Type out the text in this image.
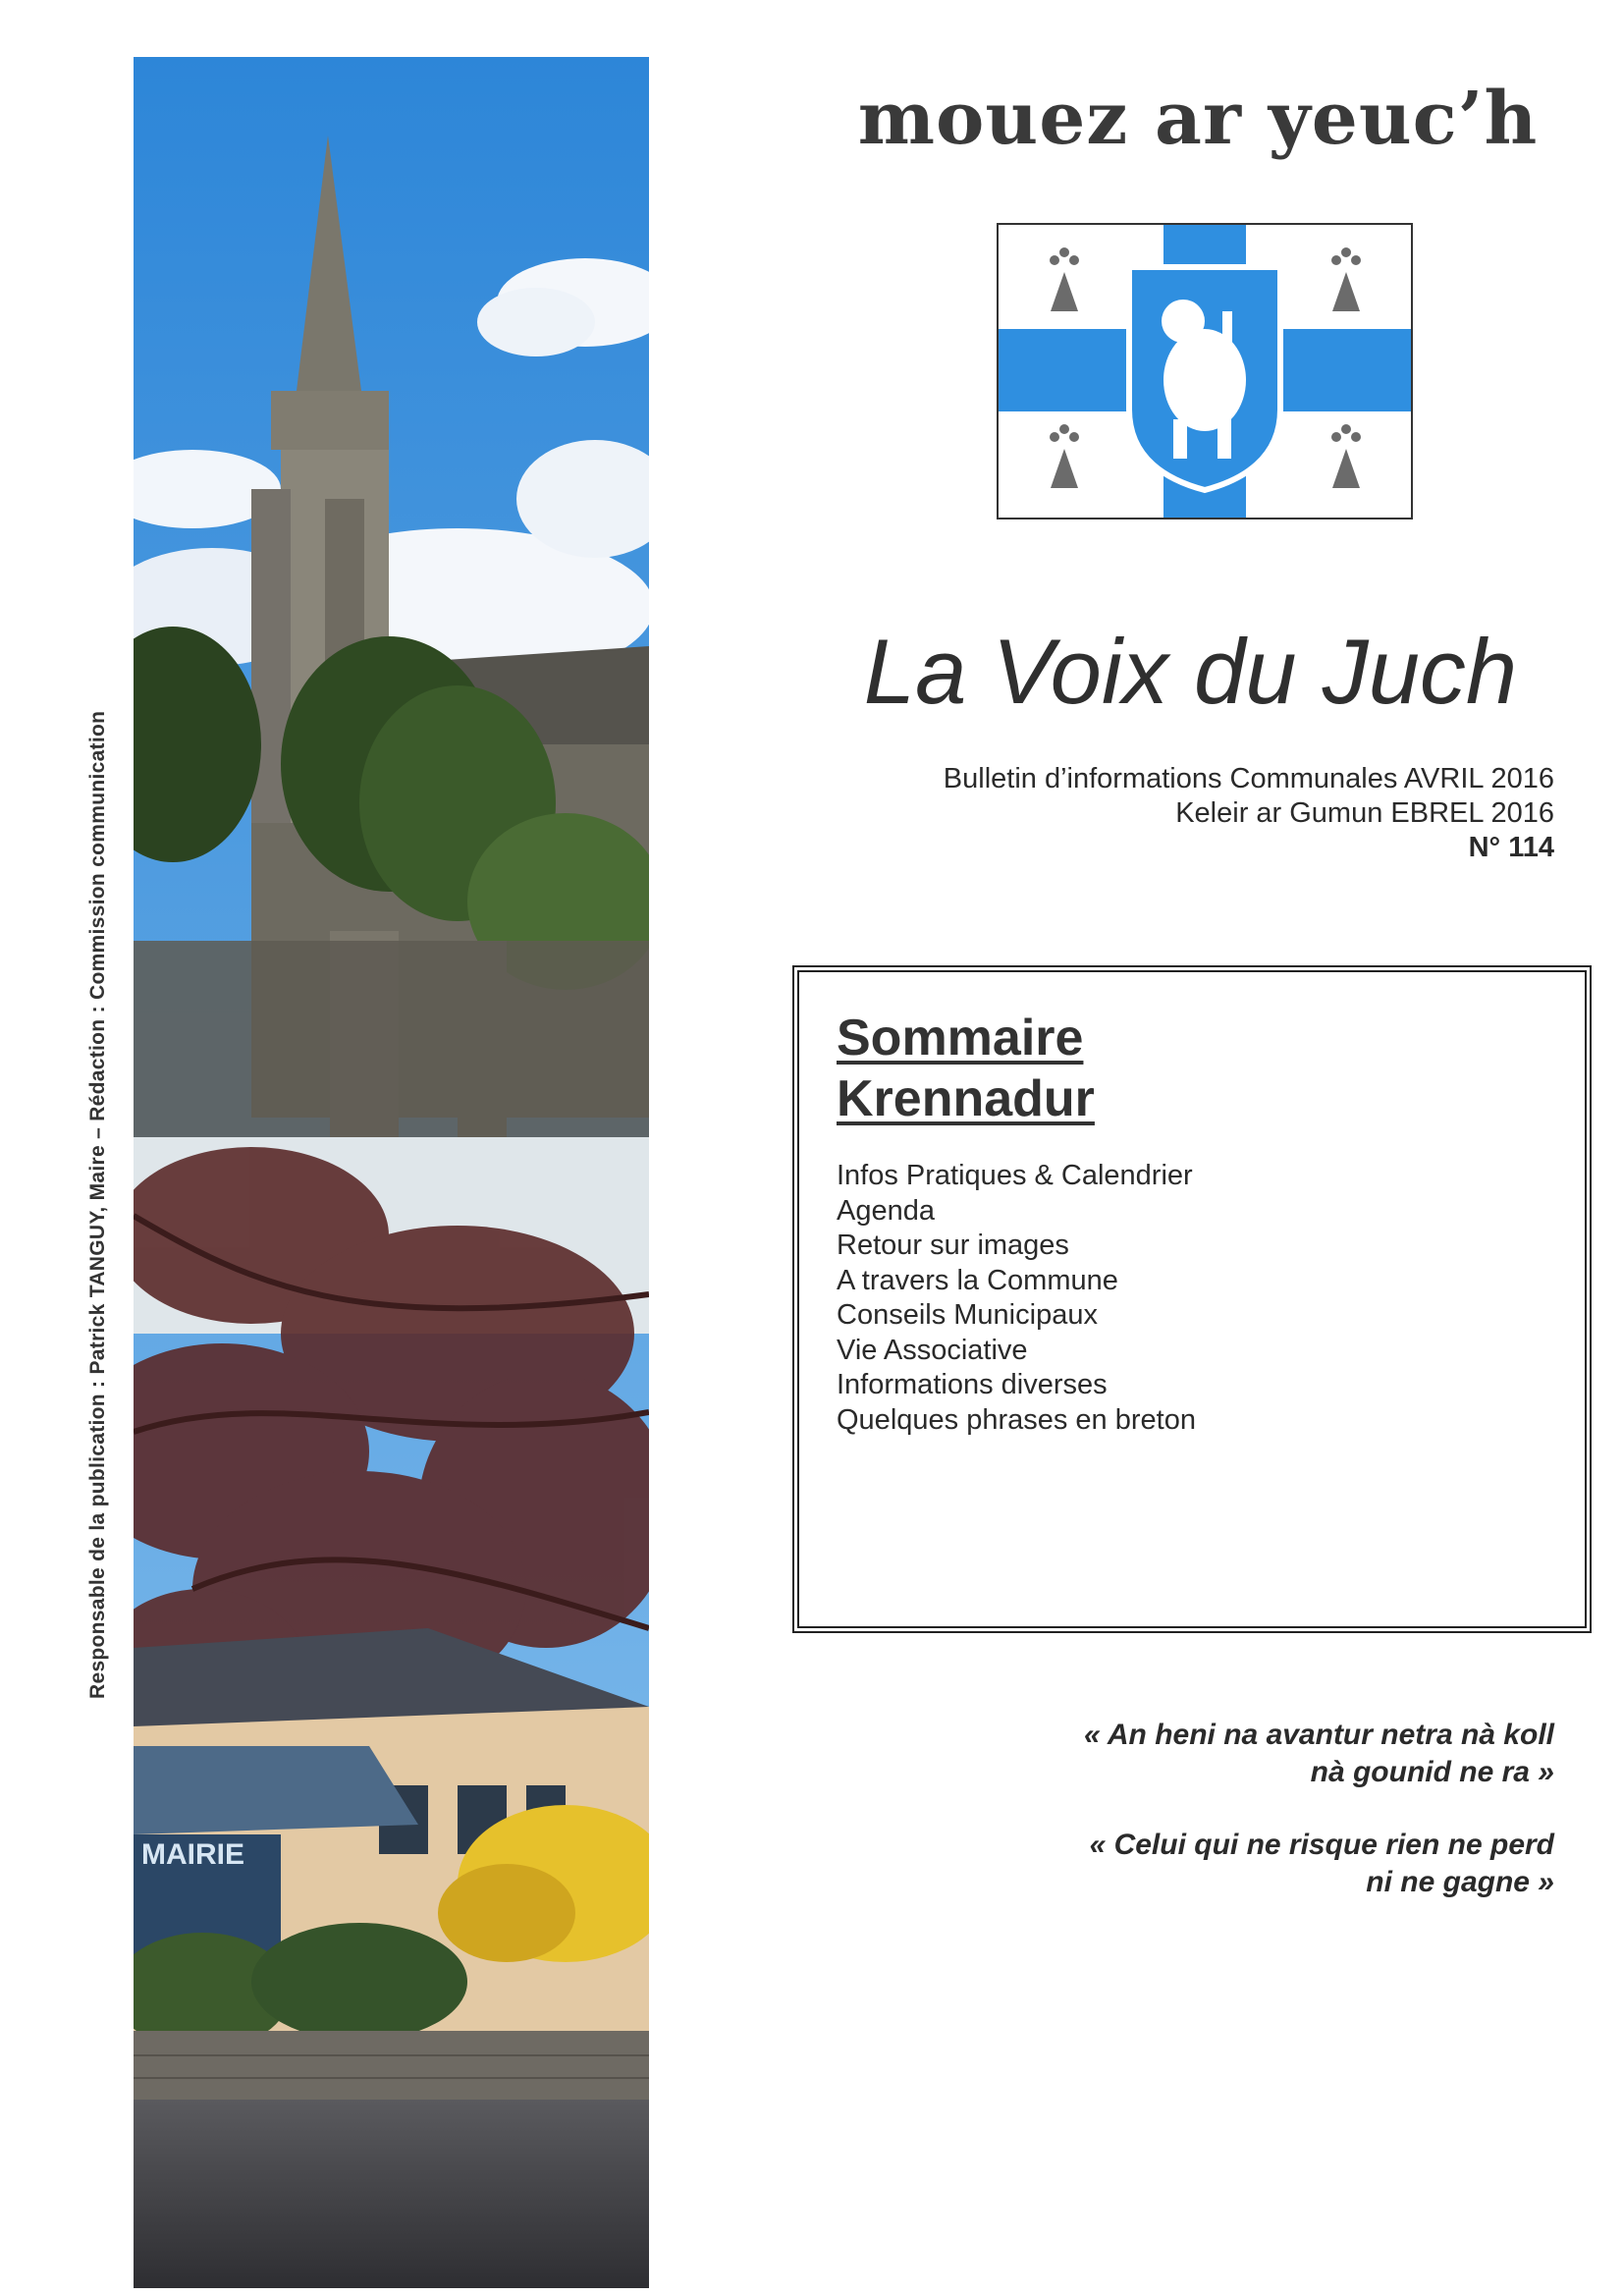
Responsable de la publication : Patrick TANGUY, Maire – Rédaction : Commission communication
MAIRIE
mouez ar yeuc’h
La Voix du Juch
Bulletin d’informations Communales AVRIL 2016
Keleir ar Gumun EBREL 2016
N° 114
Sommaire
Krennadur
Infos Pratiques & Calendrier
Agenda
Retour sur images
A travers la Commune
Conseils Municipaux
Vie Associative
Informations diverses
Quelques phrases en breton

« An heni na avantur netra nà koll
nà gounid ne ra »

« Celui qui ne risque rien ne perd
ni ne gagne »
